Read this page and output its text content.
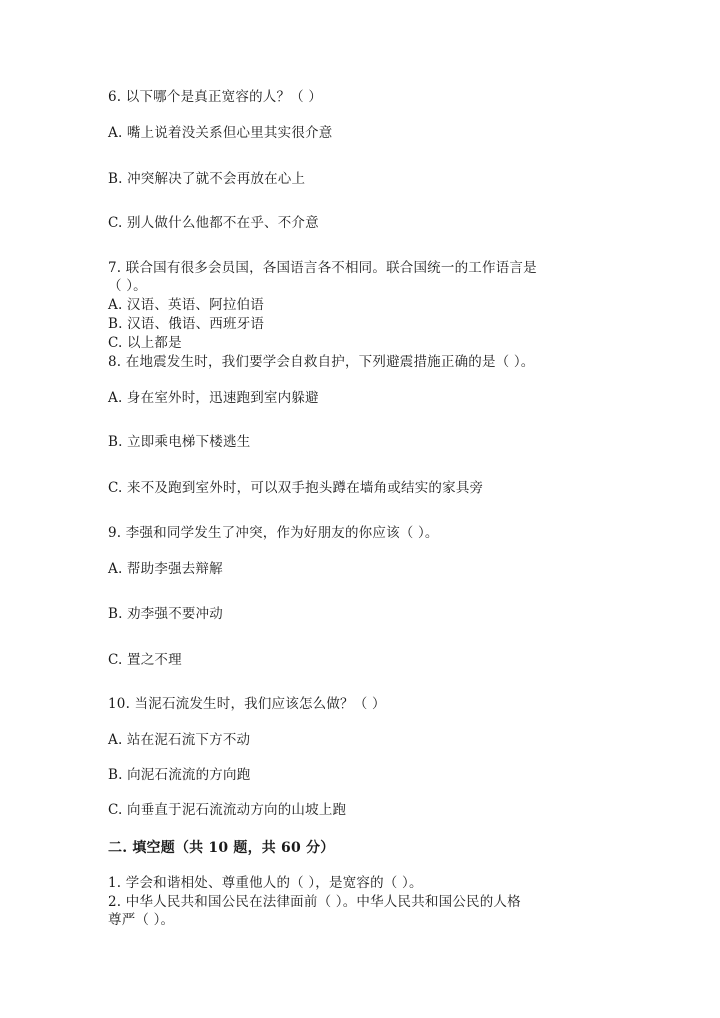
6. 以下哪个是真正宽容的人？（ ）
A. 嘴上说着没关系但心里其实很介意
B. 冲突解决了就不会再放在心上
C. 别人做什么他都不在乎、不介意
7. 联合国有很多会员国，各国语言各不相同。联合国统一的工作语言是
（ ）。
A. 汉语、英语、阿拉伯语
B. 汉语、俄语、西班牙语
C. 以上都是
8. 在地震发生时，我们要学会自救自护，下列避震措施正确的是（ ）。
A. 身在室外时，迅速跑到室内躲避
B. 立即乘电梯下楼逃生
C. 来不及跑到室外时，可以双手抱头蹲在墙角或结实的家具旁
9. 李强和同学发生了冲突，作为好朋友的你应该（ ）。
A. 帮助李强去辩解
B. 劝李强不要冲动
C. 置之不理
10. 当泥石流发生时，我们应该怎么做？（ ）
A. 站在泥石流下方不动
B. 向泥石流流的方向跑
C. 向垂直于泥石流流动方向的山坡上跑
二. 填空题（共 10 题，共 60 分）
1. 学会和谐相处、尊重他人的（ ），是宽容的（ ）。
2. 中华人民共和国公民在法律面前（ ）。中华人民共和国公民的人格
尊严（ ）。
